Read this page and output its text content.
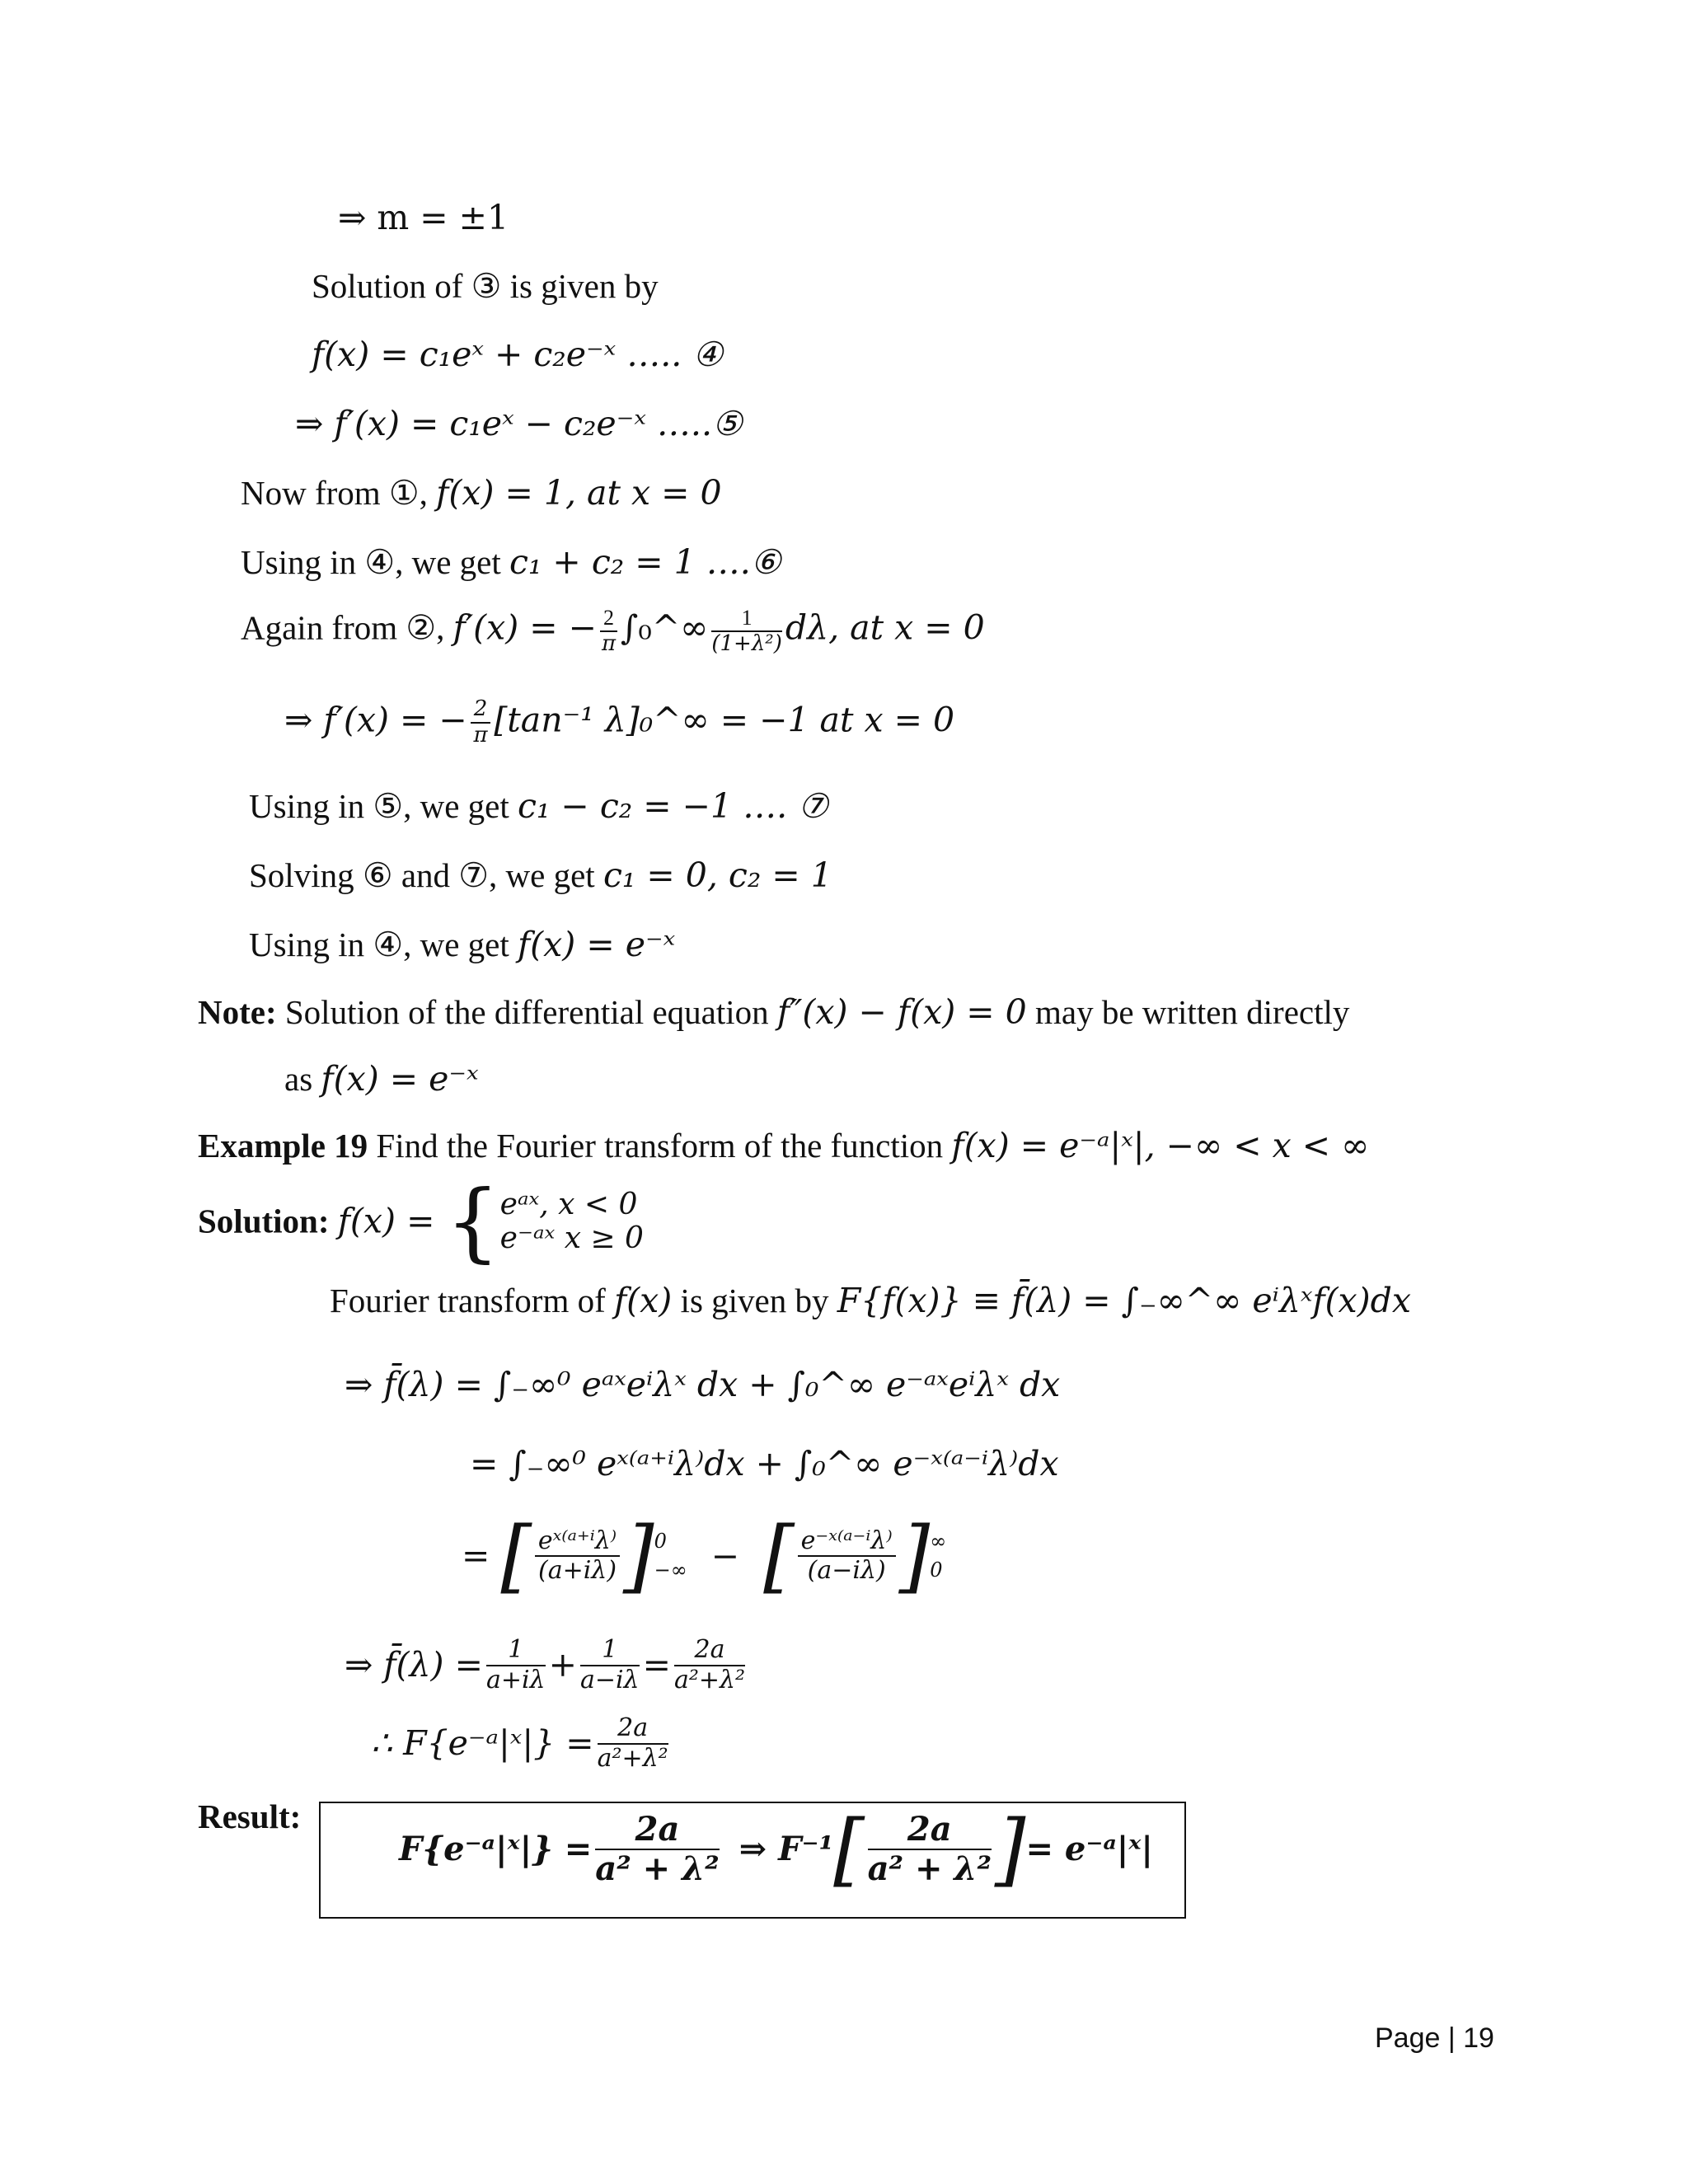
⇒ m = ±1
Solution of ③ is given by
f(x) = c₁eˣ + c₂e⁻ˣ ….. ④
⇒ f′(x) = c₁eˣ − c₂e⁻ˣ …..⑤
Now from ①, f(x) = 1, at x = 0
Using in ④, we get c₁ + c₂ = 1 ….⑥
Again from ②, f′(x) = − $\frac{2}{\pi}$ ∫₀^∞ $\frac{1}{\text{(1+λ²)}} d\lambda$, at x = 0
⇒ f′(x) = − $\frac{2}{\pi} [\tan^{-1}$ λ]₀^∞ = −1 at x = 0
Using in ⑤, we get c₁ − c₂ = −1 …. ⑦
Solving ⑥ and ⑦, we get c₁ = 0, c₂ = 1
Using in ④, we get f(x) = e⁻ˣ
Note: Solution of the differential equation f″(x) − f(x) = 0 may be written directly
as f(x) = e⁻ˣ
Example 19 Find the Fourier transform of the function f(x) = e⁻ᵃ|ˣ|, −∞ < x < ∞
Solution: f(x) = { eᵃˣ, x < 0
e⁻ᵃˣ x ≥ 0
Fourier transform of f(x) is given by F{f(x)} ≡ f̄(λ) = ∫₋∞^∞ eⁱλˣf(x)dx
⇒ f̄(λ) = ∫₋∞⁰ eᵃˣeⁱλˣ dx + ∫₀^∞ e⁻ᵃˣeⁱλˣ dx
= ∫₋∞⁰ eˣ⁽ᵃ⁺ⁱλ⁾dx + ∫₀^∞ e⁻ˣ⁽ᵃ⁻ⁱλ⁾dx
= [ $\frac{\text{eˣ⁽ᵃ⁺ⁱλ⁾}}{(a+i\lambda)}$ ] 0
−∞ − [ $\frac{\text{e⁻ˣ⁽ᵃ⁻ⁱλ⁾}}{(a-i\lambda)}$ ] ∞
0
⇒ f̄(λ) = $\frac{1}{a+i\lambda} + \frac{1}{a-i\lambda} = \frac{2a}{\text{a²+λ²}}$
∴ F{e⁻ᵃ|ˣ|} = $\frac{2a}{\text{a²+λ²}}$
Result:
F{e⁻ᵃ|ˣ|} = $\frac{2a}{\text{a² + λ²}}$ ⇒ $F^{-1}[ \frac{2a}{\text{a² + λ²}}$ ]= e⁻ᵃ|ˣ|
Page | 19
